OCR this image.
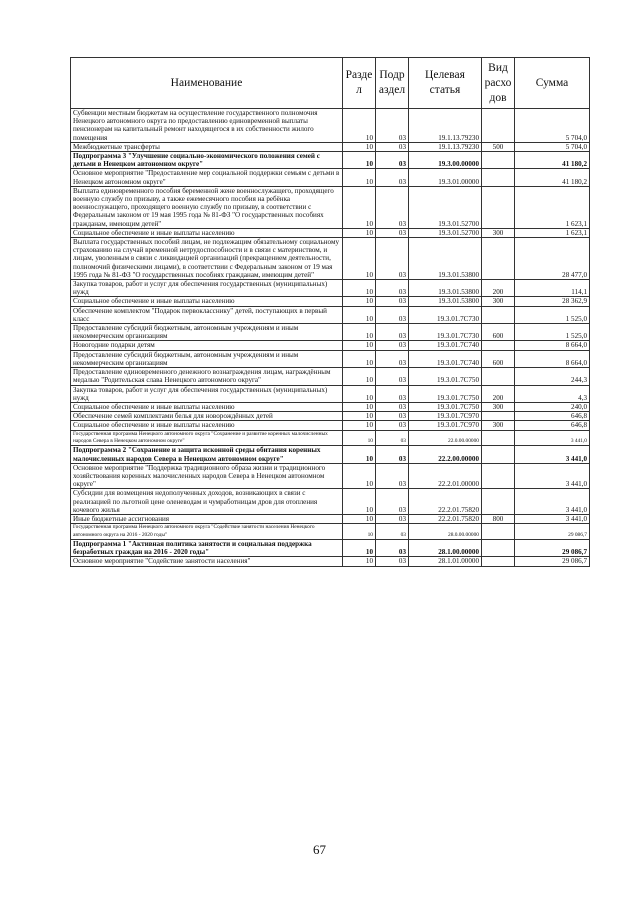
Наименование	Разде л	Подр аздел	Целевая статья	Вид расхо дов	Сумма
Субвенции местным бюджетам на осуществление государственного полномочия Ненецкого автономного округа по предоставлению единовременной выплаты пенсионерам на капитальный ремонт находящегося в их собственности жилого помещения	10	03	19.1.13.79230		5 704,0
Межбюджетные трансферты	10	03	19.1.13.79230	500	5 704,0
Подпрограмма 3 "Улучшение социально-экономического положения семей с детьми в Ненецком автономном округе"	10	03	19.3.00.00000		41 180,2
Основное мероприятие "Предоставление мер социальной поддержки семьям с детьми в Ненецком автономном округе"	10	03	19.3.01.00000		41 180,2
Выплата единовременного пособия беременной жене военнослужащего, проходящего военную службу по призыву, а также ежемесячного пособия на ребёнка военнослужащего, проходящего военную службу по призыву, в соответствии с Федеральным законом от 19 мая 1995 года № 81-ФЗ "О государственных пособиях гражданам, имеющим детей"	10	03	19.3.01.52700		1 623,1
Социальное обеспечение и иные выплаты населению	10	03	19.3.01.52700	300	1 623,1
Выплата государственных пособий лицам, не подлежащим обязательному социальному страхованию на случай временной нетрудоспособности и в связи с материнством, и лицам, уволенным в связи с ликвидацией организаций (прекращением деятельности, полномочий физическими лицами), в соответствии с Федеральным законом от 19 мая 1995 года № 81-ФЗ "О государственных пособиях гражданам, имеющим детей"	10	03	19.3.01.53800		28 477,0
Закупка товаров, работ и услуг для обеспечения государственных (муниципальных) нужд	10	03	19.3.01.53800	200	114,1
Социальное обеспечение и иные выплаты населению	10	03	19.3.01.53800	300	28 362,9
Обеспечение комплектом "Подарок первокласснику" детей, поступающих в первый класс	10	03	19.3.01.7С730		1 525,0
Предоставление субсидий бюджетным, автономным учреждениям и иным некоммерческим организациям	10	03	19.3.01.7С730	600	1 525,0
Новогодние подарки детям	10	03	19.3.01.7С740		8 664,0
Предоставление субсидий бюджетным, автономным учреждениям и иным некоммерческим организациям	10	03	19.3.01.7С740	600	8 664,0
Предоставление единовременного денежного вознаграждения лицам, награждённым медалью "Родительская слава Ненецкого автономного округа"	10	03	19.3.01.7С750		244,3
Закупка товаров, работ и услуг для обеспечения государственных (муниципальных) нужд	10	03	19.3.01.7С750	200	4,3
Социальное обеспечение и иные выплаты населению	10	03	19.3.01.7С750	300	240,0
Обеспечение семей комплектами белья для новорождённых детей	10	03	19.3.01.7С970		646,8
Социальное обеспечение и иные выплаты населению	10	03	19.3.01.7С970	300	646,8
Государственная программа Ненецкого автономного округа "Сохранение и развитие коренных малочисленных народов Севера в Ненецком автономном округе"	10	03	22.0.00.00000		3 441,0
Подпрограмма 2 "Сохранение и защита исконной среды обитания коренных малочисленных народов Севера в Ненецком автономном округе"	10	03	22.2.00.00000		3 441,0
Основное мероприятие "Поддержка традиционного образа жизни и традиционного хозяйствования коренных малочисленных народов Севера в Ненецком автономном округе"	10	03	22.2.01.00000		3 441,0
Субсидии для возмещения недополученных доходов, возникающих в связи с реализацией по льготной цене оленеводам и чумработницам дров для отопления кочевого жилья	10	03	22.2.01.75820		3 441,0
Иные бюджетные ассигнования	10	03	22.2.01.75820	800	3 441,0
Государственная программа Ненецкого автономного округа "Содействие занятости населения Ненецкого автономного округа на 2016 - 2020 годы"	10	03	28.0.00.00000		29 086,7
Подпрограмма 1 "Активная политика занятости и социальная поддержка безработных граждан на 2016 - 2020 годы"	10	03	28.1.00.00000		29 086,7
Основное мероприятие "Содействие занятости населения"	10	03	28.1.01.00000		29 086,7
67
